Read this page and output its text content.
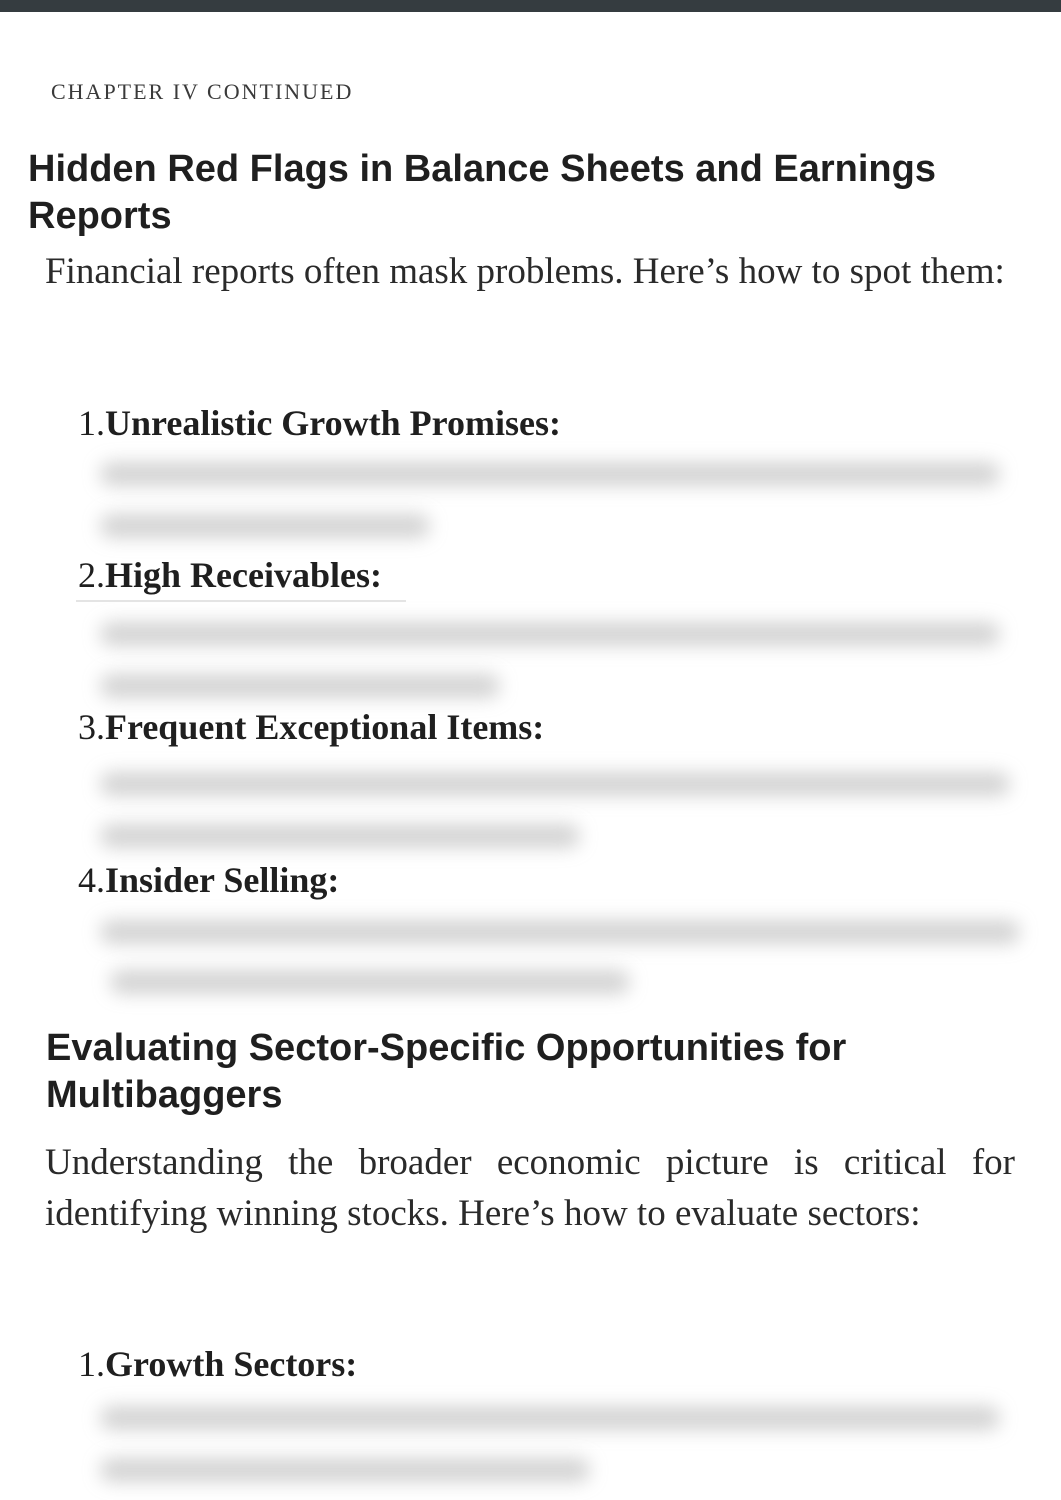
CHAPTER IV CONTINUED
Hidden Red Flags in Balance Sheets and Earnings Reports

Financial reports often mask problems. Here’s how to spot them:

1.Unrealistic Growth Promises:
2.High Receivables:
3.Frequent Exceptional Items:
4.Insider Selling:
Evaluating Sector-Specific Opportunities for Multibaggers

Understanding the broader economic picture is critical for identifying winning stocks. Here’s how to evaluate sectors:

1.Growth Sectors:
